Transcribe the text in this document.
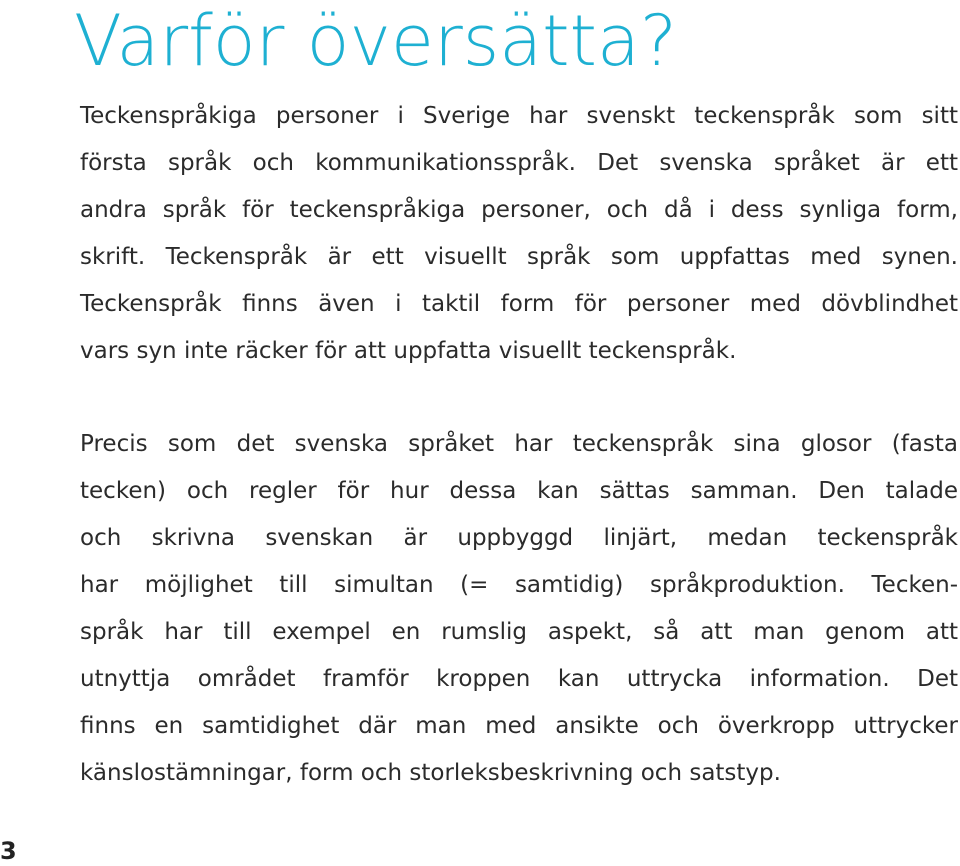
Varför översätta?

Teckenspråkiga personer i Sverige har svenskt teckenspråk som sitt
första språk och kommunikationsspråk. Det svenska språket är ett
andra språk för teckenspråkiga personer, och då i dess synliga form,
skrift. Teckenspråk är ett visuellt språk som uppfattas med synen.
Teckenspråk finns även i taktil form för personer med dövblindhet
vars syn inte räcker för att uppfatta visuellt teckenspråk.

Precis som det svenska språket har teckenspråk sina glosor (fasta
tecken) och regler för hur dessa kan sättas samman. Den talade
och skrivna svenskan är uppbyggd linjärt, medan teckenspråk
har möjlighet till simultan (= samtidig) språkproduktion. Tecken-
språk har till exempel en rumslig aspekt, så att man genom att
utnyttja området framför kroppen kan uttrycka information. Det
finns en samtidighet där man med ansikte och överkropp uttrycker
känslostämningar, form och storleksbeskrivning och satstyp.

3
